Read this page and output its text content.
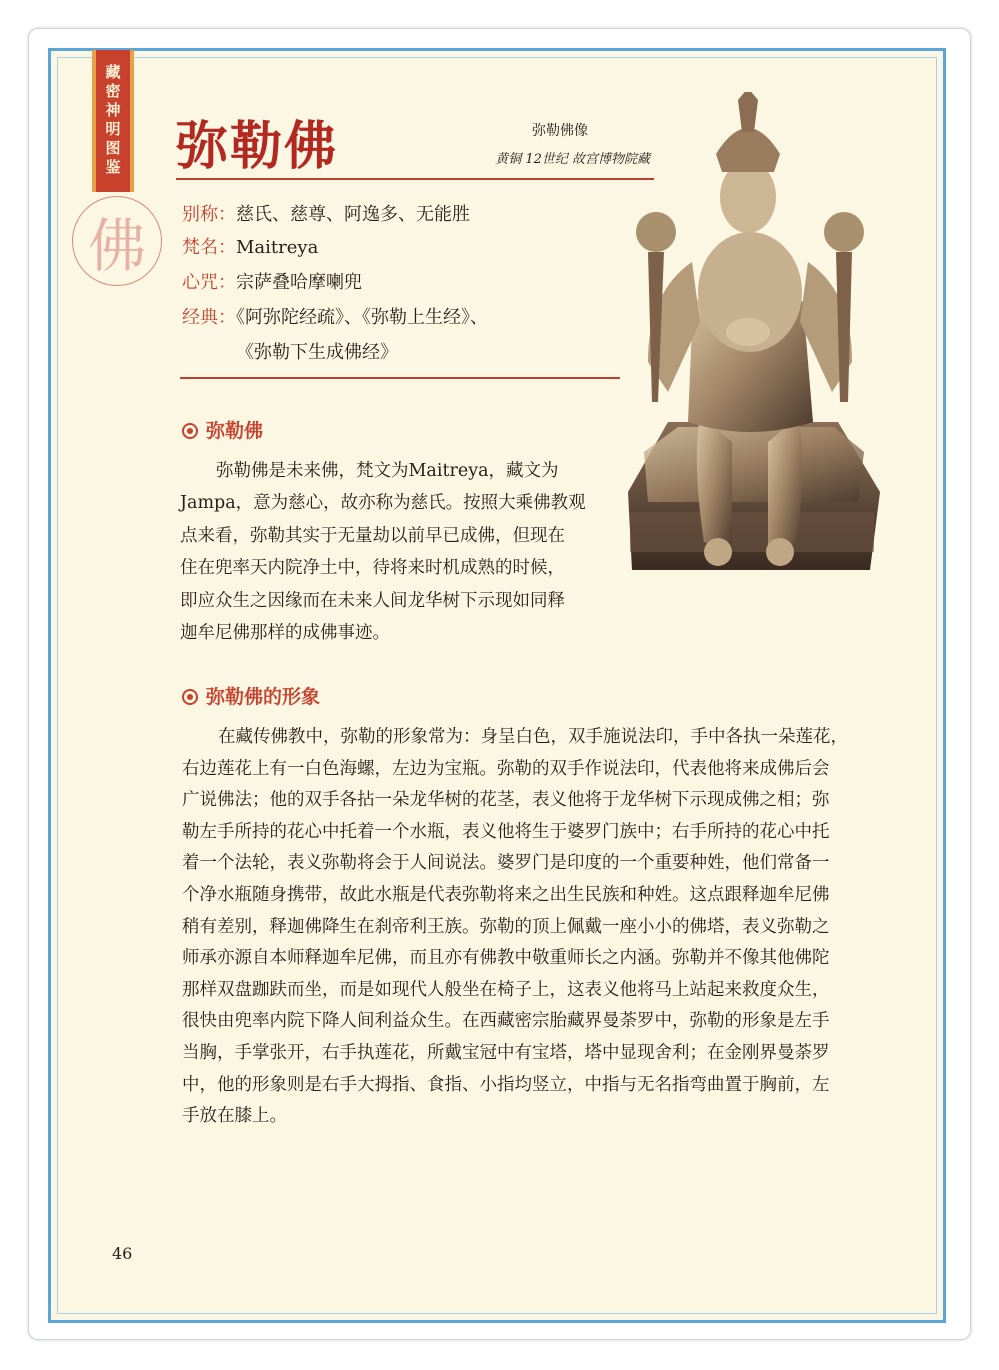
藏密神明图鉴
佛
弥勒佛	弥勒佛像
黄铜 12世纪 故宫博物院藏
别称：慈氏、慈尊、阿逸多、无能胜
梵名：Maitreya
心咒：宗萨叠哈摩喇兜
经典：《阿弥陀经疏》、《弥勒上生经》、
《弥勒下生成佛经》
弥勒佛
弥勒佛是未来佛，梵文为Maitreya，藏文为
Jampa，意为慈心，故亦称为慈氏。按照大乘佛教观
点来看，弥勒其实于无量劫以前早已成佛，但现在
住在兜率天内院净土中，待将来时机成熟的时候，
即应众生之因缘而在未来人间龙华树下示现如同释
迦牟尼佛那样的成佛事迹。
弥勒佛的形象
在藏传佛教中，弥勒的形象常为：身呈白色，双手施说法印，手中各执一朵莲花，
右边莲花上有一白色海螺，左边为宝瓶。弥勒的双手作说法印，代表他将来成佛后会
广说佛法；他的双手各拈一朵龙华树的花茎，表义他将于龙华树下示现成佛之相；弥
勒左手所持的花心中托着一个水瓶，表义他将生于婆罗门族中；右手所持的花心中托
着一个法轮，表义弥勒将会于人间说法。婆罗门是印度的一个重要种姓，他们常备一
个净水瓶随身携带，故此水瓶是代表弥勒将来之出生民族和种姓。这点跟释迦牟尼佛
稍有差别，释迦佛降生在刹帝利王族。弥勒的顶上佩戴一座小小的佛塔，表义弥勒之
师承亦源自本师释迦牟尼佛，而且亦有佛教中敬重师长之内涵。弥勒并不像其他佛陀
那样双盘跏趺而坐，而是如现代人般坐在椅子上，这表义他将马上站起来救度众生，
很快由兜率内院下降人间利益众生。在西藏密宗胎藏界曼荼罗中，弥勒的形象是左手
当胸，手掌张开，右手执莲花，所戴宝冠中有宝塔，塔中显现舍利；在金刚界曼荼罗
中，他的形象则是右手大拇指、食指、小指均竖立，中指与无名指弯曲置于胸前，左
手放在膝上。
46
